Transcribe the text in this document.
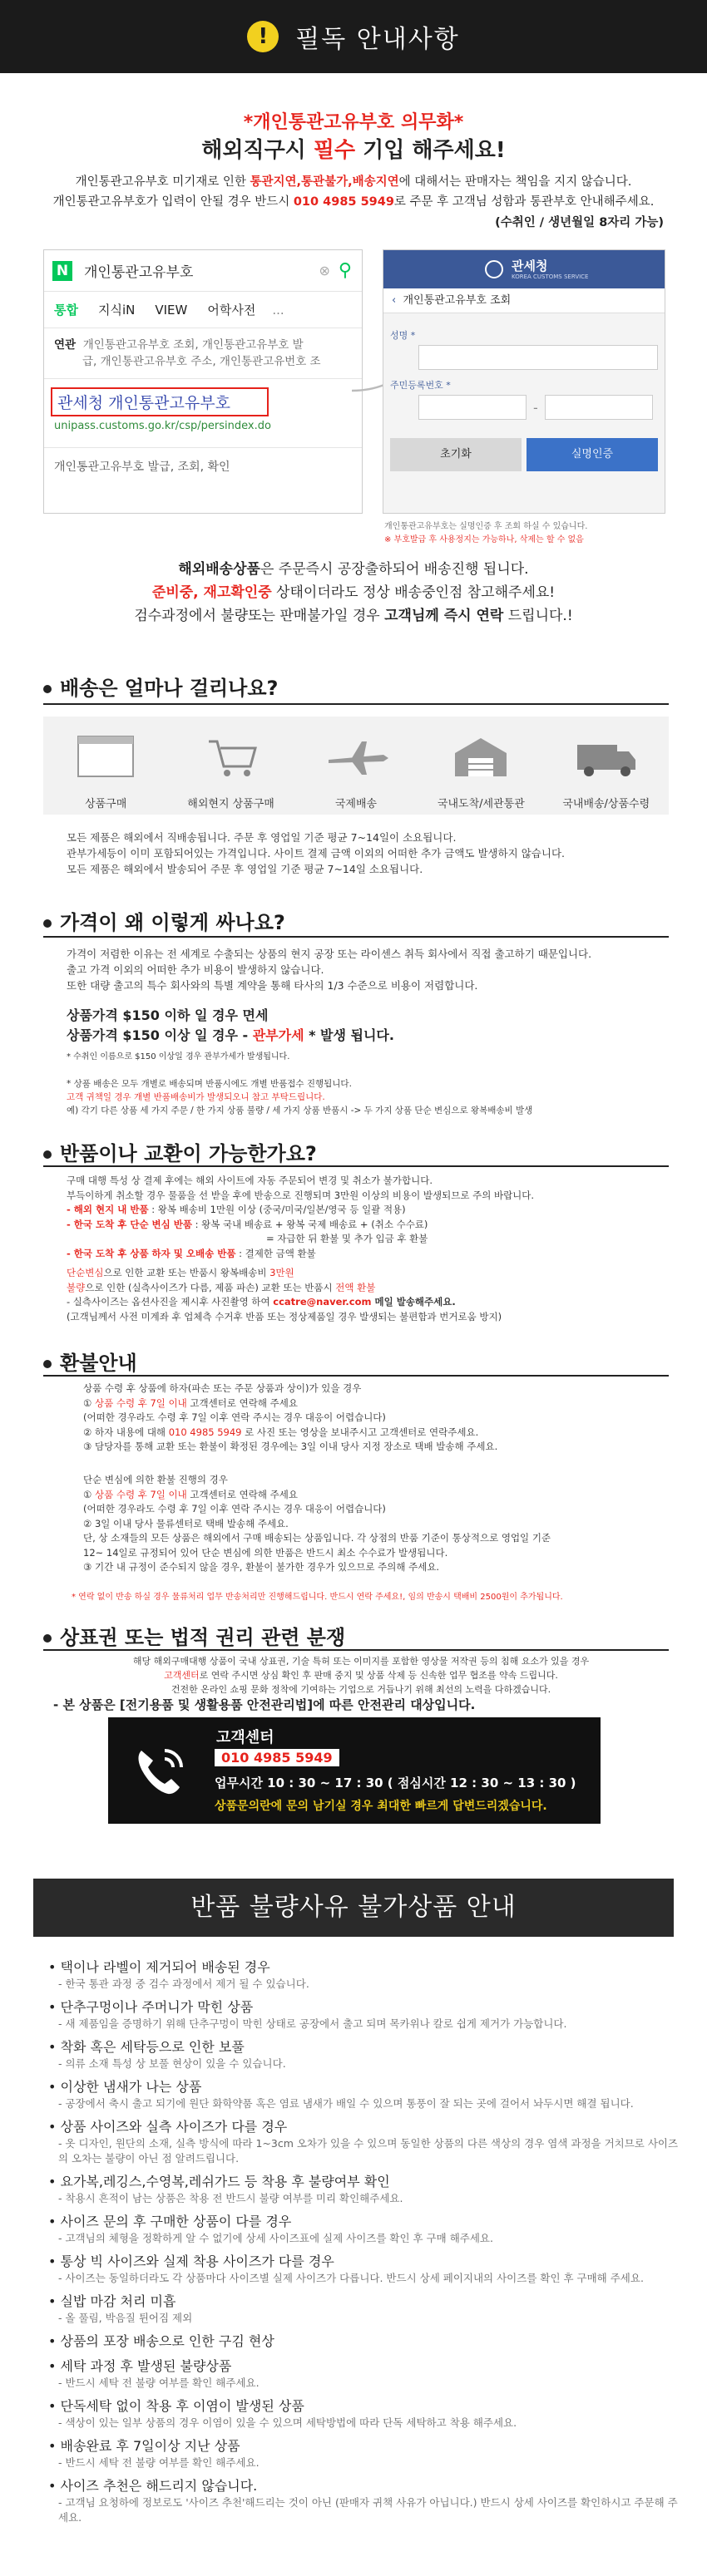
!	필독 안내사항
*개인통관고유부호 의무화*
해외직구시 필수 기입 해주세요!
개인통관고유부호 미기재로 인한 통관지연,통관불가,배송지연에 대해서는 판매자는 책임을 지지 않습니다.
개인통관고유부호가 입력이 안될 경우 반드시 010 4985 5949로 주문 후 고객님 성함과 통관부호 안내해주세요.
(수취인 / 생년월일 8자리 가능)
N 개인통관고유부호	⊗ ⚲
통합	지식iN	VIEW	어학사전	...
연관 개인통관고유부호 조회, 개인통관고유부호 발
급, 개인통관고유부호 주소, 개인통관고유번호 조
관세청 개인통관고유부호
unipass.customs.go.kr/csp/persindex.do
개인통관고유부호 발급, 조회, 확인
관세청
KOREA CUSTOMS SERVICE
‹ 개인통관고유부호 조회
성명 *
주민등록번호 *
-
초기화	실명인증
개인통관고유부호는 실명인증 후 조회 하실 수 있습니다.
※ 부호발급 후 사용정지는 가능하나, 삭제는 할 수 없음
해외배송상품은 주문즉시 공장출하되어 배송진행 됩니다.
준비중, 재고확인중 상태이더라도 정상 배송중인점 참고해주세요!
검수과정에서 불량또는 판매불가일 경우 고객님께 즉시 연락 드립니다.!
배송은 얼마나 걸리나요?
상품구매	해외현지 상품구매	국제배송	국내도착/세관통관	국내배송/상품수령
모든 제품은 해외에서 직배송됩니다. 주문 후 영업일 기준 평균 7~14일이 소요됩니다.
관부가세등이 이미 포함되어있는 가격입니다. 사이트 결제 금액 이외의 어떠한 추가 금액도 발생하지 않습니다.
모든 제품은 해외에서 발송되어 주문 후 영업일 기준 평균 7~14일 소요됩니다.
가격이 왜 이렇게 싸나요?
가격이 저렴한 이유는 전 세계로 수출되는 상품의 현지 공장 또는 라이센스 취득 회사에서 직접 출고하기 때문입니다.
출고 가격 이외의 어떠한 추가 비용이 발생하지 않습니다.
또한 대량 출고의 특수 회사와의 특별 계약을 통해 타사의 1/3 수준으로 비용이 저렴합니다.
상품가격 $150 이하 일 경우 면세
상품가격 $150 이상 일 경우 - 관부가세 * 발생 됩니다.
* 수취인 이름으로 $150 이상일 경우 관부가세가 발생됩니다.
* 상품 배송은 모두 개별로 배송되며 반품시에도 개별 반품접수 진행됩니다.
고객 귀책일 경우 개별 반품배송비가 발생되오니 참고 부탁드립니다.
예) 각기 다른 상품 세 가지 주문 / 한 가지 상품 불량 / 세 가지 상품 반품시 -> 두 가지 상품 단순 변심으로 왕복배송비 발생
반품이나 교환이 가능한가요?
구매 대행 특성 상 결제 후에는 해외 사이트에 자동 주문되어 변경 및 취소가 불가합니다.
부득이하게 취소할 경우 물품을 선 받을 후에 반송으로 진행되며 3만원 이상의 비용이 발생되므로 주의 바랍니다.
- 해외 현지 내 반품 : 왕복 배송비 1만원 이상 (중국/미국/일본/영국 등 일괄 적용)
- 한국 도착 후 단순 변심 반품 : 왕복 국내 배송료 + 왕복 국제 배송료 + (취소 수수료)
= 자급한 뒤 환불 및 추가 입금 후 환불
- 한국 도착 후 상품 하자 및 오배송 반품 : 결제한 금액 환불
단순변심으로 인한 교환 또는 반품시 왕복배송비 3만원
불량으로 인한 (실측사이즈가 다름, 제품 파손) 교환 또는 반품시 전액 환불
- 실측사이즈는 옵션사진을 제시후 사진촬영 하여 ccatre@naver.com 메일 발송해주세요.
(고객님께서 사전 미계좌 후 업체측 수거후 반품 또는 정상제품일 경우 발생되는 불편함과 번거로움 방지)
환불안내
상품 수령 후 상품에 하자(파손 또는 주문 상품과 상이)가 있을 경우
① 상품 수령 후 7일 이내 고객센터로 연락해 주세요
(어떠한 경우라도 수령 후 7일 이후 연락 주시는 경우 대응이 어렵습니다)
② 하자 내용에 대해 010 4985 5949 로 사진 또는 영상을 보내주시고 고객센터로 연락주세요.
③ 담당자를 통해 교환 또는 환불이 확정된 경우에는 3일 이내 당사 지정 장소로 택배 발송해 주세요.
단순 변심에 의한 환불 진행의 경우
① 상품 수령 후 7일 이내 고객센터로 연락해 주세요
(어떠한 경우라도 수령 후 7일 이후 연락 주시는 경우 대응이 어렵습니다)
② 3일 이내 당사 물류센터로 택배 발송해 주세요.
단, 상 소재들의 모든 상품은 해외에서 구매 배송되는 상품입니다. 각 상점의 반품 기준이 통상적으로 영업일 기준
12~ 14일로 규정되어 있어 단순 변심에 의한 반품은 반드시 최소 수수료가 발생됩니다.
③ 기간 내 규정이 준수되지 않을 경우, 환불이 불가한 경우가 있으므로 주의해 주세요.
* 연락 없이 반송 하실 경우 물류처리 업무 반송처리만 진행해드립니다. 반드시 연락 주세요!, 임의 반송시 택배비 2500원이 추가됩니다.
상표권 또는 법적 권리 관련 분쟁
해당 해외구매대행 상품이 국내 상표권, 기술 특허 또는 이미지를 포함한 영상물 저작권 등의 침해 요소가 있을 경우
고객센터로 연락 주시면 상심 확인 후 판매 중지 및 상품 삭제 등 신속한 업무 협조를 약속 드립니다.
건전한 온라인 쇼핑 문화 정착에 기여하는 기업으로 거듭나기 위해 최선의 노력을 다하겠습니다.
- 본 상품은 [전기용품 및 생활용품 안전관리법]에 따른 안전관리 대상입니다.
고객센터
010 4985 5949
업무시간 10 : 30 ~ 17 : 30 ( 점심시간 12 : 30 ~ 13 : 30 )
상품문의란에 문의 남기실 경우 최대한 빠르게 답변드리겠습니다.
반품 불량사유 불가상품 안내
• 택이나 라벨이 제거되어 배송된 경우
- 한국 통관 과정 중 검수 과정에서 제거 될 수 있습니다.
• 단추구멍이나 주머니가 막힌 상품
- 새 제품임을 증명하기 위해 단추구멍이 막힌 상태로 공장에서 출고 되며 목카위나 칼로 쉽게 제거가 가능합니다.
• 착화 혹은 세탁등으로 인한 보풀
- 의류 소재 특성 상 보풀 현상이 있을 수 있습니다.
• 이상한 냄새가 나는 상품
- 공장에서 축시 출고 되기에 원단 화학약품 혹은 염료 냄새가 배일 수 있으며 통풍이 잘 되는 곳에 걸어서 놔두시면 해결 됩니다.
• 상품 사이즈와 실측 사이즈가 다를 경우
- 옷 디자인, 원단의 소재, 실측 방식에 따라 1~3cm 오차가 있을 수 있으며 동일한 상품의 다른 색상의 경우 염색 과정을 거치므로 사이즈의 오차는 불량이 아닌 점 알려드립니다.
• 요가복,레깅스,수영복,레쉬가드 등 착용 후 불량여부 확인
- 착용시 흔적이 남는 상품은 착용 전 반드시 불량 여부를 미리 확인해주세요.
• 사이즈 문의 후 구매한 상품이 다를 경우
- 고객님의 체형을 정확하게 알 수 없기에 상세 사이즈표에 실제 사이즈를 확인 후 구매 해주세요.
• 통상 빅 사이즈와 실제 착용 사이즈가 다를 경우
- 사이즈는 동일하더라도 각 상품마다 사이즈별 실제 사이즈가 다릅니다. 반드시 상세 페이지내의 사이즈를 확인 후 구매해 주세요.
• 실밥 마감 처리 미흡
- 올 풀림, 박음질 튄어짐 제외
• 상품의 포장 배송으로 인한 구김 현상
• 세탁 과정 후 발생된 불량상품
- 반드시 세탁 전 불량 여부를 확인 해주세요.
• 단독세탁 없이 착용 후 이염이 발생된 상품
- 색상이 있는 일부 상품의 경우 이염이 있을 수 있으며 세탁방법에 따라 단독 세탁하고 착용 해주세요.
• 배송완료 후 7일이상 지난 상품
- 반드시 세탁 전 불량 여부를 확인 해주세요.
• 사이즈 추천은 해드리지 않습니다.
- 고객님 요청하에 정보로도 '사이즈 추천'해드리는 것이 아닌 (판매자 귀책 사유가 아닙니다.) 반드시 상세 사이즈를 확인하시고 주문해 주세요.
